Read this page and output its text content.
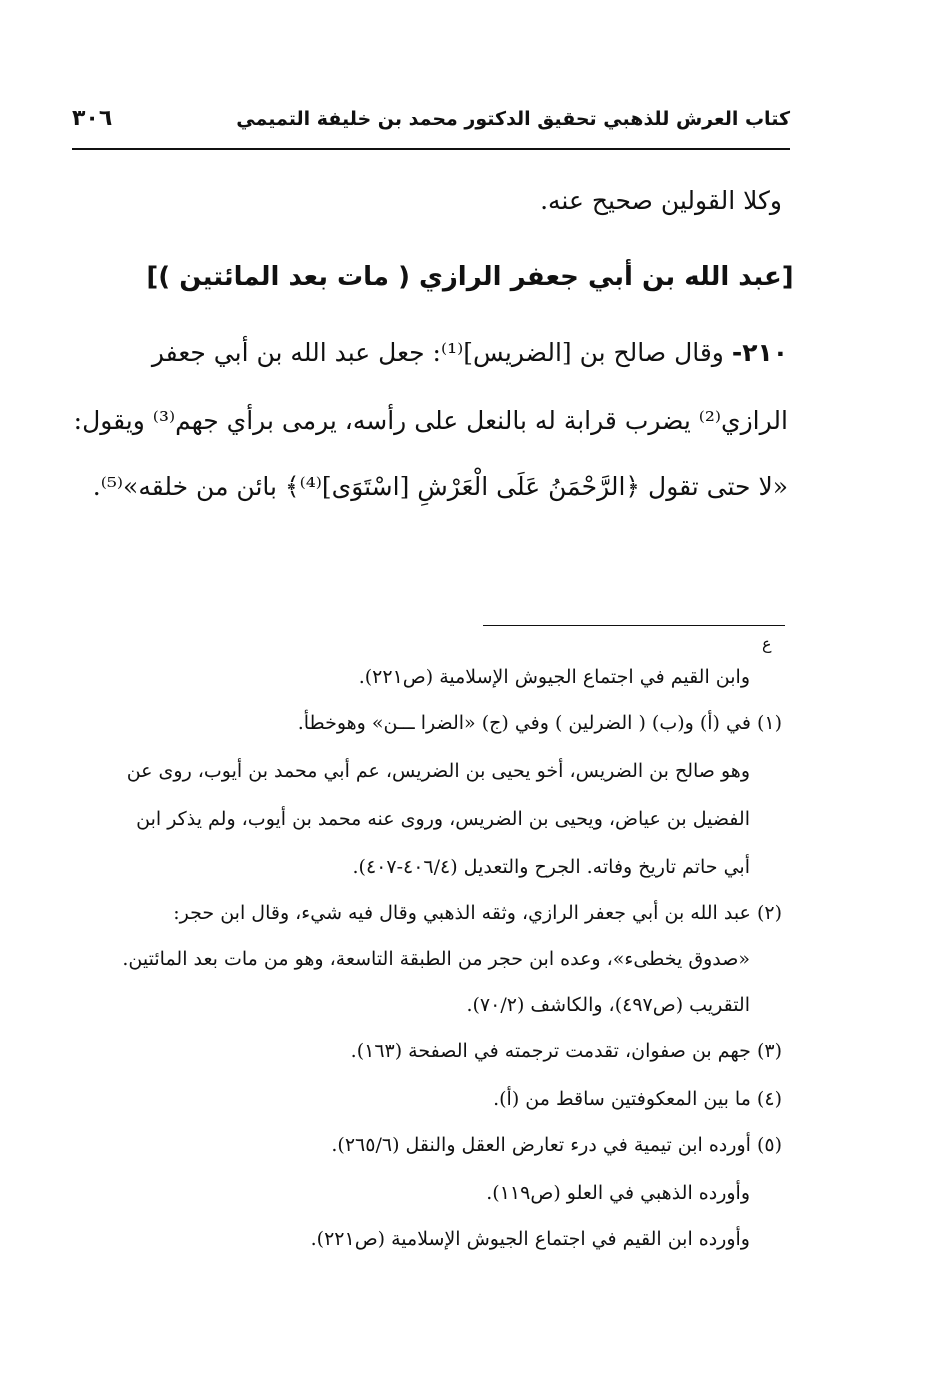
كتاب العرش للذهبي تحقيق الدكتور محمد بن خليفة التميمي
٣٠٦
وكلا القولين صحيح عنه.
[عبد الله بن أبي جعفر الرازي ( مات بعد المائتين )]
٢١٠- وقال صالح بن [الضريس]⁽¹⁾: جعل عبد الله بن أبي جعفر
الرازي⁽²⁾ يضرب قرابة له بالنعل على رأسه، يرمى برأي جهم⁽³⁾ ويقول:
«لا حتى تقول ﴿الرَّحْمَنُ عَلَى الْعَرْشِ [اسْتَوَى]⁽⁴⁾﴾ بائن من خلقه»⁽⁵⁾.
ﻉ
وابن القيم في اجتماع الجيوش الإسلامية (ص٢٢١).
(١) في (أ) و(ب) ( الضرلين ) وفي (ج) «الضرا ـــن» وهوخطأ.
وهو صالح بن الضريس، أخو يحيى بن الضريس، عم أبي محمد بن أيوب، روى عن
الفضيل بن عياض، ويحيى بن الضريس، وروى عنه محمد بن أيوب، ولم يذكر ابن
أبي حاتم تاريخ وفاته. الجرح والتعديل (٤٠٦/٤-٤٠٧).
(٢) عبد الله بن أبي جعفر الرازي، وثقه الذهبي وقال فيه شيء، وقال ابن حجر:
«صدوق يخطىء»، وعده ابن حجر من الطبقة التاسعة، وهو من مات بعد المائتين.
التقريب (ص٤٩٧)، والكاشف (٧٠/٢).
(٣) جهم بن صفوان، تقدمت ترجمته في الصفحة (١٦٣).
(٤) ما بين المعكوفتين ساقط من (أ).
(٥) أورده ابن تيمية في درء تعارض العقل والنقل (٢٦٥/٦).
وأورده الذهبي في العلو (ص١١٩).
وأورده ابن القيم في اجتماع الجيوش الإسلامية (ص٢٢١).
